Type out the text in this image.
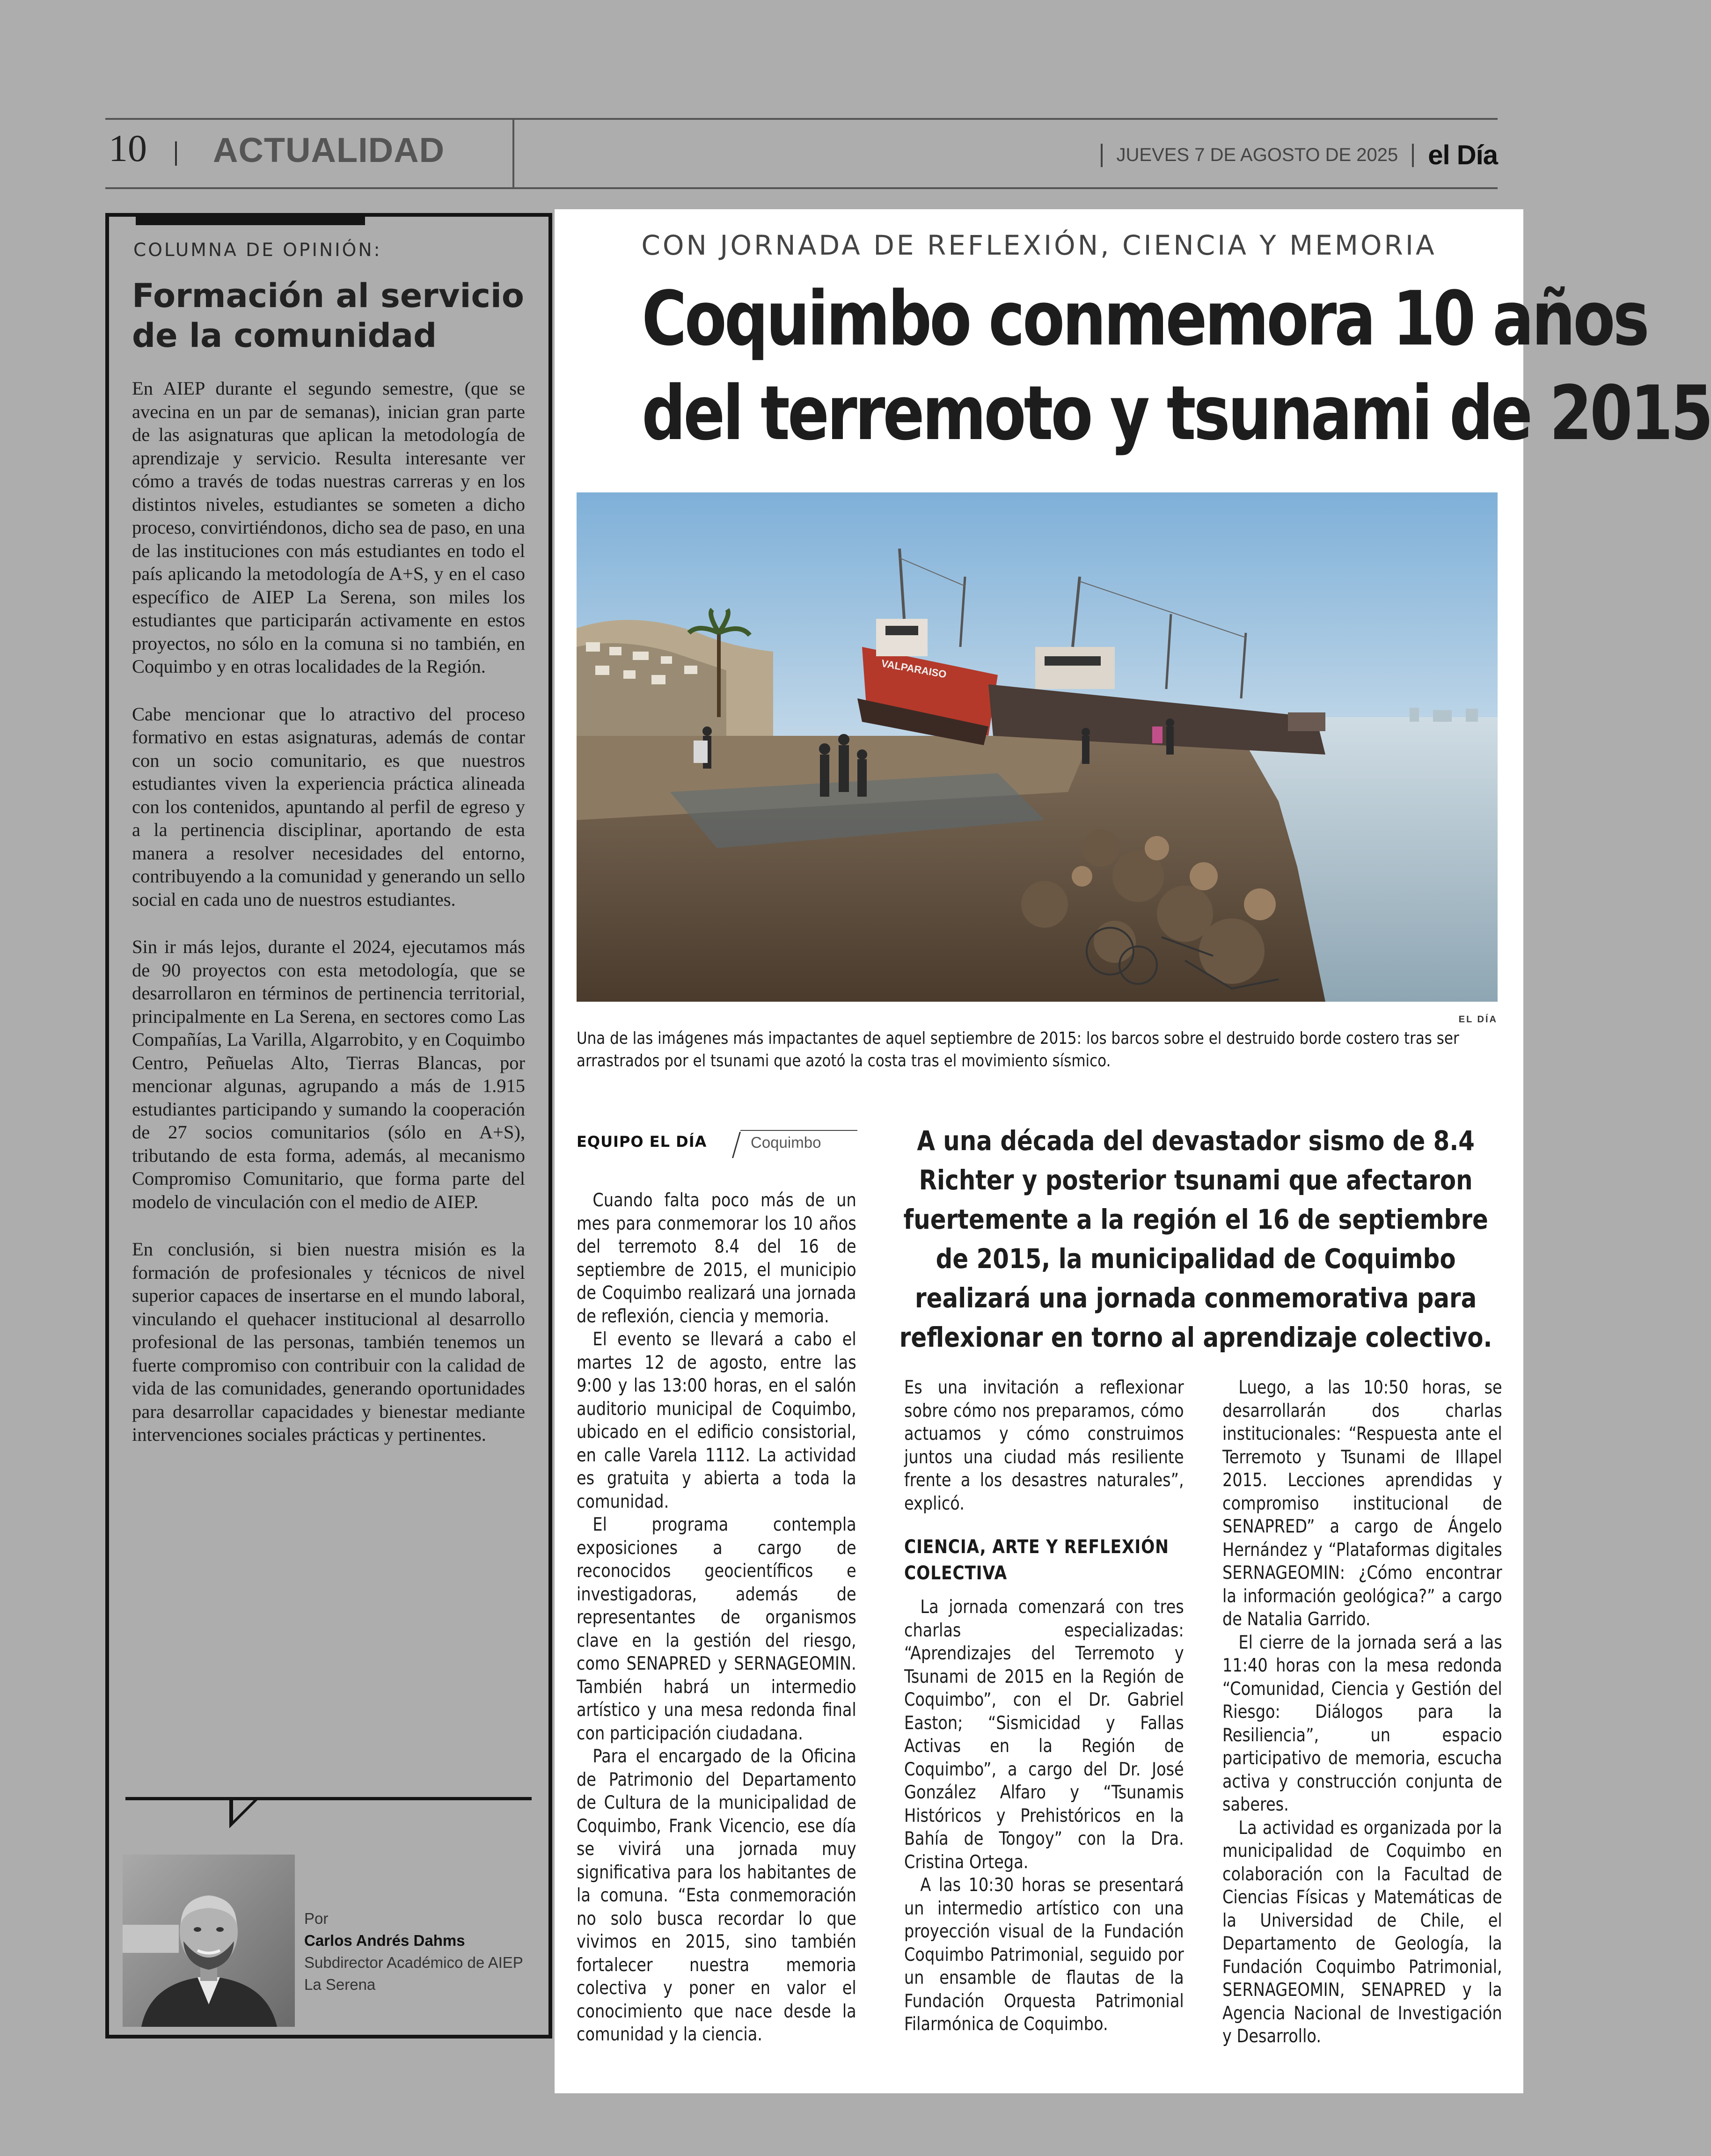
10 ACTUALIDAD	JUEVES 7 DE AGOSTO DE 2025 el Día
COLUMNA DE OPINIÓN:
Formación al servicio de la comunidad

En AIEP durante el segundo semestre, (que se avecina en un par de semanas), inician gran parte de las asignaturas que aplican la metodología de aprendizaje y servicio. Resulta interesante ver cómo a través de todas nuestras carreras y en los distintos niveles, estudiantes se someten a dicho proceso, convirtiéndonos, dicho sea de paso, en una de las instituciones con más estudiantes en todo el país aplicando la metodología de A+S, y en el caso específico de AIEP La Serena, son miles los estudiantes que participarán activamente en estos proyectos, no sólo en la comuna si no también, en Coquimbo y en otras localidades de la Región.

Cabe mencionar que lo atractivo del proceso formativo en estas asignaturas, además de contar con un socio comunitario, es que nuestros estudiantes viven la experiencia práctica alineada con los contenidos, apuntando al perfil de egreso y a la pertinencia disciplinar, aportando de esta manera a resolver necesidades del entorno, contribuyendo a la comunidad y generando un sello social en cada uno de nuestros estudiantes.

Sin ir más lejos, durante el 2024, ejecutamos más de 90 proyectos con esta metodología, que se desarrollaron en términos de pertinencia territorial, principalmente en La Serena, en sectores como Las Compañías, La Varilla, Algarrobito, y en Coquimbo Centro, Peñuelas Alto, Tierras Blancas, por mencionar algunas, agrupando a más de 1.915 estudiantes participando y sumando la cooperación de 27 socios comunitarios (sólo en A+S), tributando de esta forma, además, al mecanismo Compromiso Comunitario, que forma parte del modelo de vinculación con el medio de AIEP.

En conclusión, si bien nuestra misión es la formación de profesionales y técnicos de nivel superior capaces de insertarse en el mundo laboral, vinculando el quehacer institucional al desarrollo profesional de las personas, también tenemos un fuerte compromiso con contribuir con la calidad de vida de las comunidades, generando oportunidades para desarrollar capacidades y bienestar mediante intervenciones sociales prácticas y pertinentes.

Por
Carlos Andrés Dahms
Subdirector Académico de AIEP
La Serena
CON JORNADA DE REFLEXIÓN, CIENCIA Y MEMORIA
Coquimbo conmemora 10 años
del terremoto y tsunami de 2015
VALPARAISO
EL DÍA
Una de las imágenes más impactantes de aquel septiembre de 2015: los barcos sobre el destruido borde costero tras ser arrastrados por el tsunami que azotó la costa tras el movimiento sísmico.
EQUIPO EL DÍA	Coquimbo	A una década del devastador sismo de 8.4 Richter y posterior tsunami que afectaron fuertemente a la región el 16 de septiembre de 2015, la municipalidad de Coquimbo realizará una jornada conmemorativa para reflexionar en torno al aprendizaje colectivo.

Cuando falta poco más de un mes para conmemorar los 10 años del terremoto 8.4 del 16 de septiembre de 2015, el municipio de Coquimbo realizará una jornada de reflexión, ciencia y memoria.

El evento se llevará a cabo el martes 12 de agosto, entre las 9:00 y las 13:00 horas, en el salón auditorio municipal de Coquimbo, ubicado en el edificio consistorial, en calle Varela 1112. La actividad es gratuita y abierta a toda la comunidad.

El programa contempla exposiciones a cargo de reconocidos geocientíficos e investigadoras, además de representantes de organismos clave en la gestión del riesgo, como SENAPRED y SERNAGEOMIN. También habrá un intermedio artístico y una mesa redonda final con participación ciudadana.

Para el encargado de la Oficina de Patrimonio del Departamento de Cultura de la municipalidad de Coquimbo, Frank Vicencio, ese día se vivirá una jornada muy significativa para los habitantes de la comuna. “Esta conmemoración no solo busca recordar lo que vivimos en 2015, sino también fortalecer nuestra memoria colectiva y poner en valor el conocimiento que nace desde la comunidad y la ciencia.

Es una invitación a reflexionar sobre cómo nos preparamos, cómo actuamos y cómo construimos juntos una ciudad más resiliente frente a los desastres naturales”, explicó.

CIENCIA, ARTE Y REFLEXIÓN COLECTIVA

La jornada comenzará con tres charlas especializadas: “Aprendizajes del Terremoto y Tsunami de 2015 en la Región de Coquimbo”, con el Dr. Gabriel Easton; “Sismicidad y Fallas Activas en la Región de Coquimbo”, a cargo del Dr. José González Alfaro y “Tsunamis Históricos y Prehistóricos en la Bahía de Tongoy” con la Dra. Cristina Ortega.

A las 10:30 horas se presentará un intermedio artístico con una proyección visual de la Fundación Coquimbo Patrimonial, seguido por un ensamble de flautas de la Fundación Orquesta Patrimonial Filarmónica de Coquimbo.

Luego, a las 10:50 horas, se desarrollarán dos charlas institucionales: “Respuesta ante el Terremoto y Tsunami de Illapel 2015. Lecciones aprendidas y compromiso institucional de SENAPRED” a cargo de Ángelo Hernández y “Plataformas digitales SERNAGEOMIN: ¿Cómo encontrar la información geológica?” a cargo de Natalia Garrido.

El cierre de la jornada será a las 11:40 horas con la mesa redonda “Comunidad, Ciencia y Gestión del Riesgo: Diálogos para la Resiliencia”, un espacio participativo de memoria, escucha activa y construcción conjunta de saberes.

La actividad es organizada por la municipalidad de Coquimbo en colaboración con la Facultad de Ciencias Físicas y Matemáticas de la Universidad de Chile, el Departamento de Geología, la Fundación Coquimbo Patrimonial, SERNAGEOMIN, SENAPRED y la Agencia Nacional de Investigación y Desarrollo.
